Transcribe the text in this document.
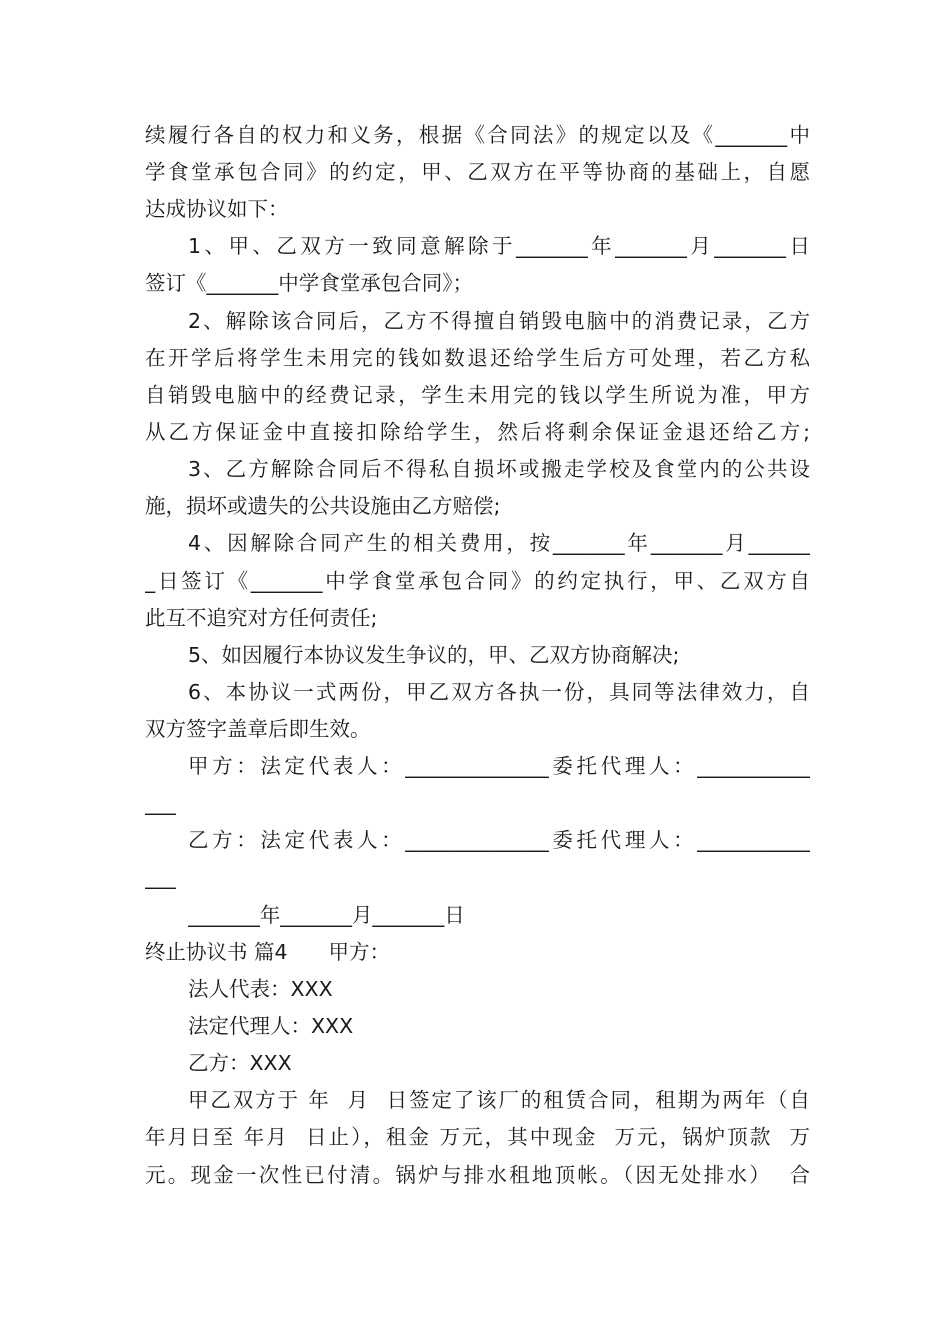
续履行各自的权力和义务，根据《合同法》的规定以及《_______中
学食堂承包合同》的约定，甲、乙双方在平等协商的基础上，自愿
达成协议如下：
1、甲、乙双方一致同意解除于_______年_______月_______日
签订《_______中学食堂承包合同》；
2、解除该合同后，乙方不得擅自销毁电脑中的消费记录，乙方
在开学后将学生未用完的钱如数退还给学生后方可处理，若乙方私
自销毁电脑中的经费记录，学生未用完的钱以学生所说为准，甲方
从乙方保证金中直接扣除给学生，然后将剩余保证金退还给乙方;
3、乙方解除合同后不得私自损坏或搬走学校及食堂内的公共设
施，损坏或遗失的公共设施由乙方赔偿;
4、因解除合同产生的相关费用，按_______年_______月______
_日签订《_______中学食堂承包合同》的约定执行，甲、乙双方自
此互不追究对方任何责任;
5、如因履行本协议发生争议的，甲、乙双方协商解决;
6、本协议一式两份，甲乙双方各执一份，具同等法律效力，自
双方签字盖章后即生效。
甲方：法定代表人：______________委托代理人：___________
___
乙方：法定代表人：______________委托代理人：___________
___
_______年_______月_______日
终止协议书 篇4　　甲方：
法人代表：XXX
法定代理人：XXX
乙方：XXX
甲乙双方于 年  月  日签定了该厂的租赁合同，租期为两年（自
年月日至 年月  日止），租金 万元，其中现金  万元，锅炉顶款  万
元。现金一次性已付清。锅炉与排水租地顶帐。（因无处排水）  合
